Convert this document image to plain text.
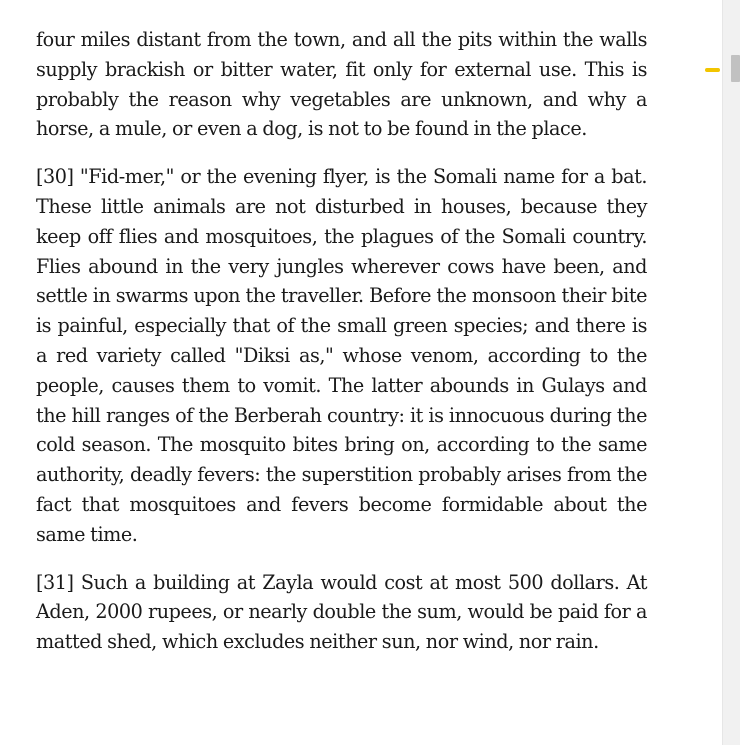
four miles distant from the town, and all the pits within the walls supply brackish or bitter water, fit only for external use. This is probably the reason why vegetables are unknown, and why a horse, a mule, or even a dog, is not to be found in the place.

[30] "Fid-mer," or the evening flyer, is the Somali name for a bat. These little animals are not disturbed in houses, because they keep off flies and mosquitoes, the plagues of the Somali country. Flies abound in the very jungles wherever cows have been, and settle in swarms upon the traveller. Before the monsoon their bite is painful, especially that of the small green species; and there is a red variety called "Diksi as," whose venom, according to the people, causes them to vomit. The latter abounds in Gulays and the hill ranges of the Berberah country: it is innocuous during the cold season. The mosquito bites bring on, according to the same authority, deadly fevers: the superstition probably arises from the fact that mosquitoes and fevers become formidable about the same time.

[31] Such a building at Zayla would cost at most 500 dollars. At Aden, 2000 rupees, or nearly double the sum, would be paid for a matted shed, which excludes neither sun, nor wind, nor rain.
